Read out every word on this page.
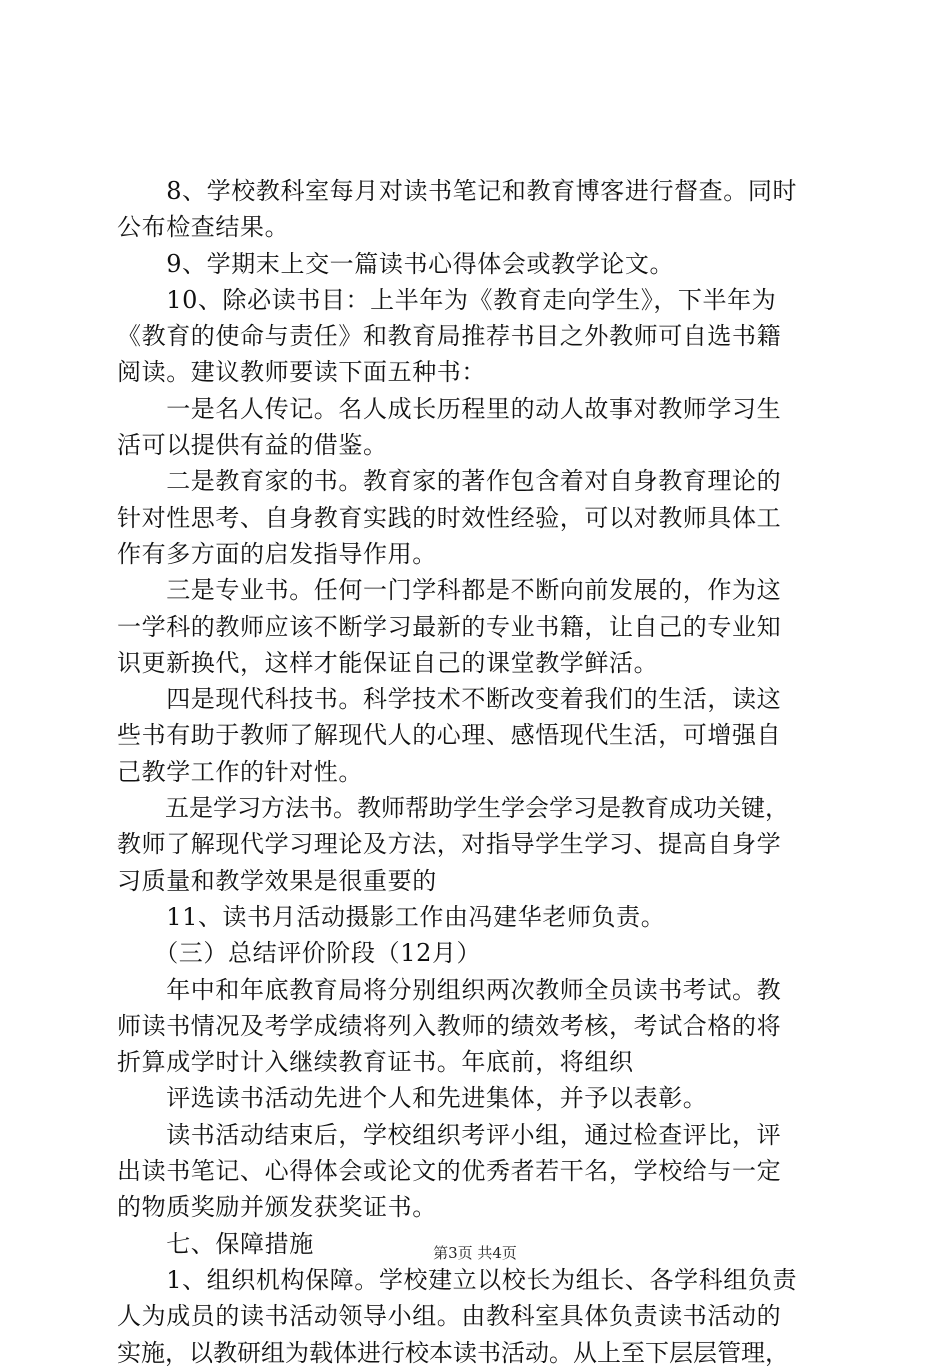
　　8、学校教科室每月对读书笔记和教育博客进行督查。同时
公布检查结果。
　　9、学期末上交一篇读书心得体会或教学论文。
　　10、除必读书目：上半年为《教育走向学生》，下半年为
《教育的使命与责任》和教育局推荐书目之外教师可自选书籍
阅读。建议教师要读下面五种书：
　　一是名人传记。名人成长历程里的动人故事对教师学习生
活可以提供有益的借鉴。
　　二是教育家的书。教育家的著作包含着对自身教育理论的
针对性思考、自身教育实践的时效性经验，可以对教师具体工
作有多方面的启发指导作用。
　　三是专业书。任何一门学科都是不断向前发展的，作为这
一学科的教师应该不断学习最新的专业书籍，让自己的专业知
识更新换代，这样才能保证自己的课堂教学鲜活。
　　四是现代科技书。科学技术不断改变着我们的生活，读这
些书有助于教师了解现代人的心理、感悟现代生活，可增强自
己教学工作的针对性。
　　五是学习方法书。教师帮助学生学会学习是教育成功关键，
教师了解现代学习理论及方法，对指导学生学习、提高自身学
习质量和教学效果是很重要的
　　11、读书月活动摄影工作由冯建华老师负责。
　　（三）总结评价阶段（12月）
　　年中和年底教育局将分别组织两次教师全员读书考试。教
师读书情况及考学成绩将列入教师的绩效考核，考试合格的将
折算成学时计入继续教育证书。年底前，将组织
　　评选读书活动先进个人和先进集体，并予以表彰。
　　读书活动结束后，学校组织考评小组，通过检查评比，评
出读书笔记、心得体会或论文的优秀者若干名，学校给与一定
的物质奖励并颁发获奖证书。
　　七、保障措施
　　1、组织机构保障。学校建立以校长为组长、各学科组负责
人为成员的读书活动领导小组。由教科室具体负责读书活动的
实施，以教研组为载体进行校本读书活动。从上至下层层管理，
第3页 共4页
